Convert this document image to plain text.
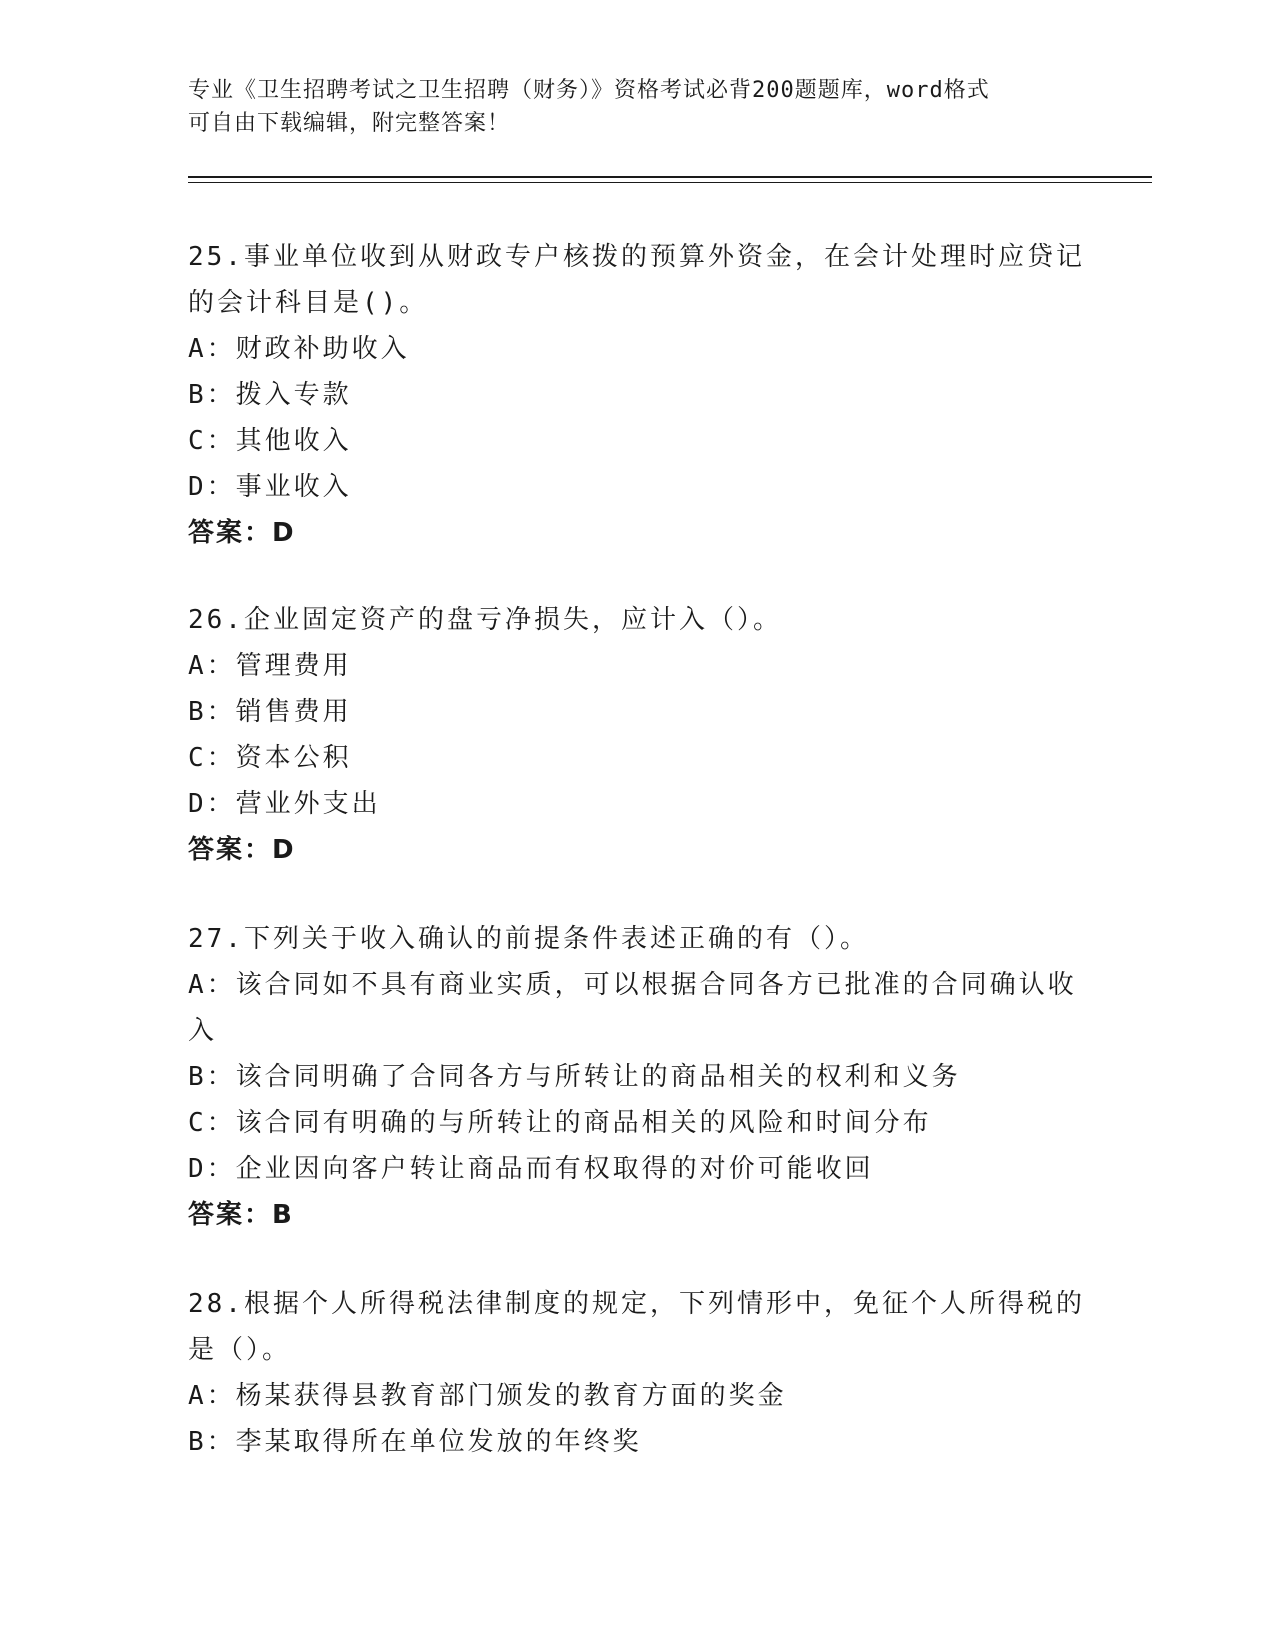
专业《卫生招聘考试之卫生招聘（财务）》资格考试必背200题题库，word格式
可自由下载编辑，附完整答案！
25.事业单位收到从财政专户核拨的预算外资金，在会计处理时应贷记
的会计科目是()。
A：财政补助收入
B：拨入专款
C：其他收入
D：事业收入
答案：D
26.企业固定资产的盘亏净损失，应计入（）。
A：管理费用
B：销售费用
C：资本公积
D：营业外支出
答案：D
27.下列关于收入确认的前提条件表述正确的有（）。
A：该合同如不具有商业实质，可以根据合同各方已批准的合同确认收
入
B：该合同明确了合同各方与所转让的商品相关的权利和义务
C：该合同有明确的与所转让的商品相关的风险和时间分布
D：企业因向客户转让商品而有权取得的对价可能收回
答案：B
28.根据个人所得税法律制度的规定，下列情形中，免征个人所得税的
是（）。
A：杨某获得县教育部门颁发的教育方面的奖金
B：李某取得所在单位发放的年终奖
